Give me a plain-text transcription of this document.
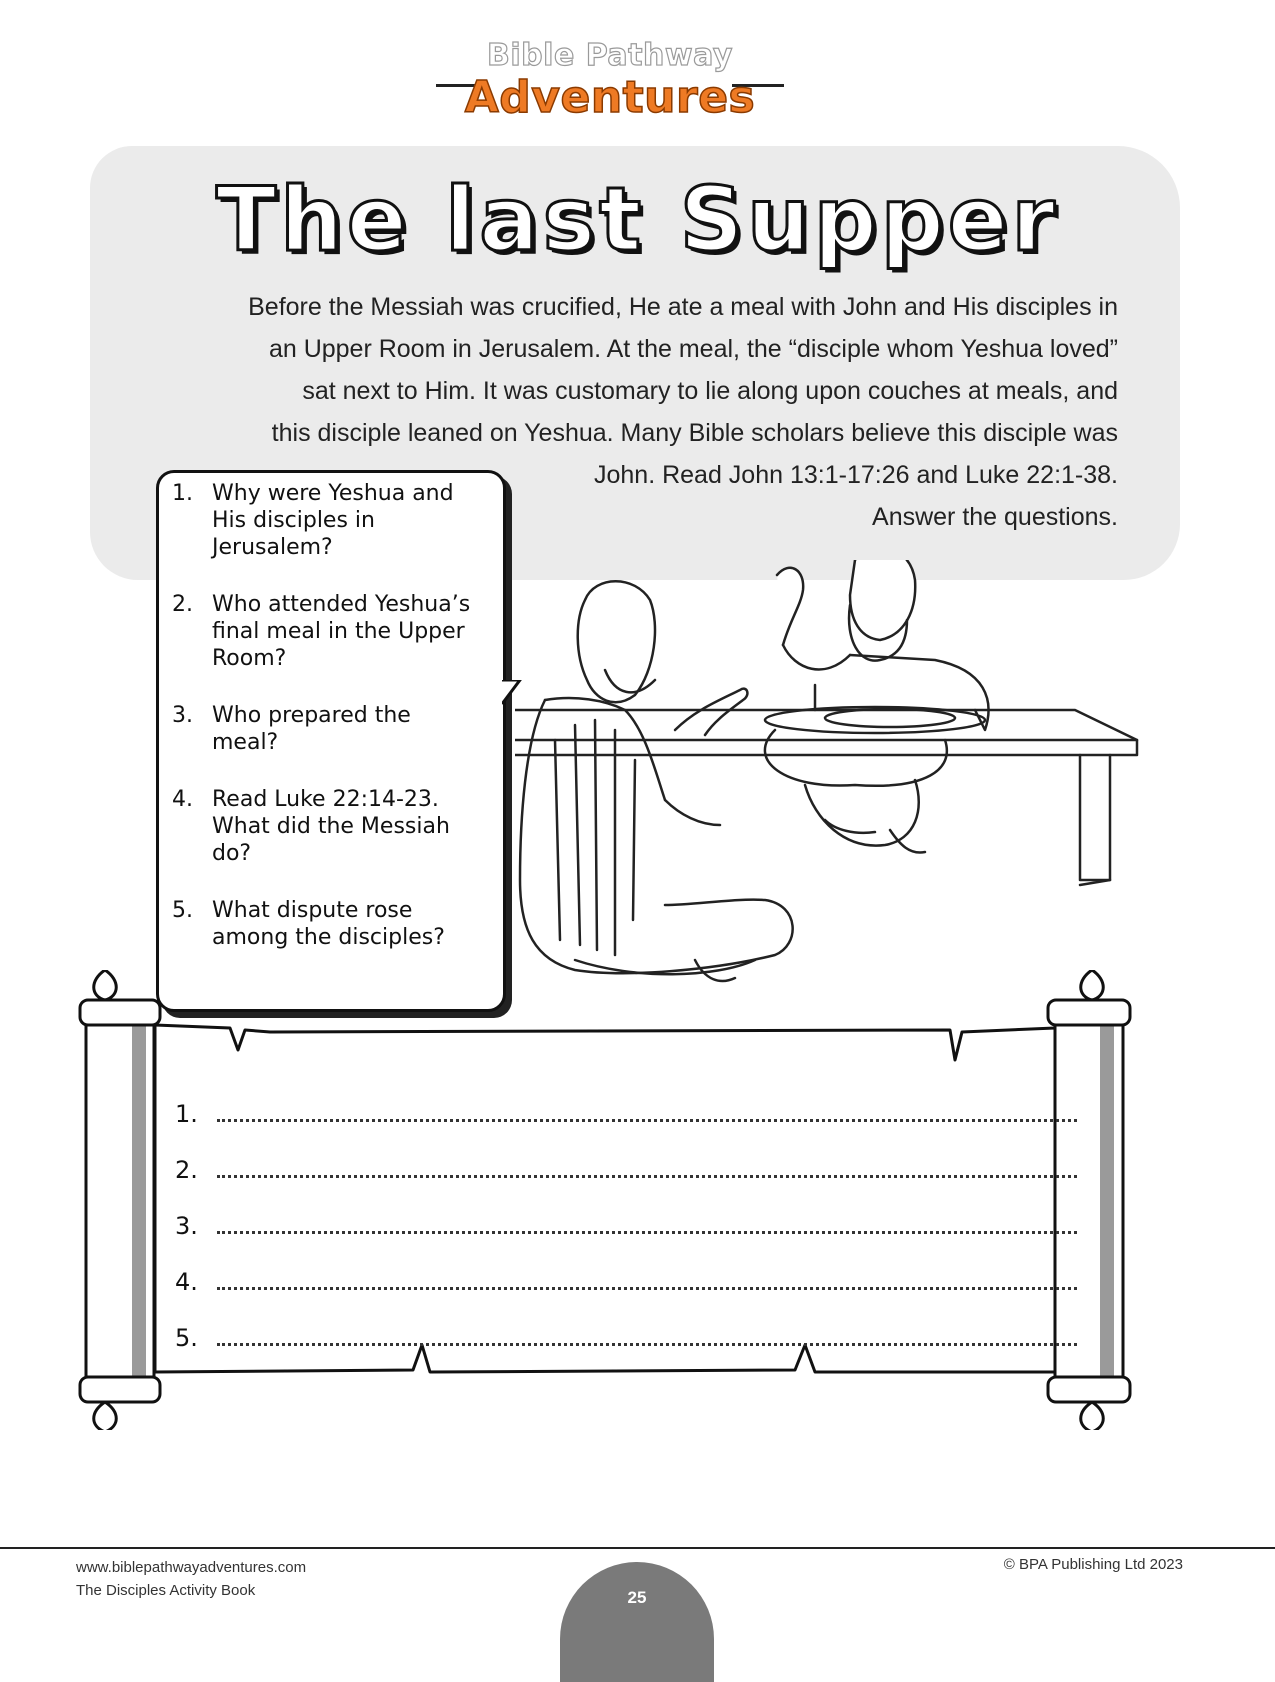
Bible Pathway
Adventures
The last Supper
Before the Messiah was crucified, He ate a meal with John and His disciples in
an Upper Room in Jerusalem. At the meal, the “disciple whom Yeshua loved”
sat next to Him. It was customary to lie along upon couches at meals, and
this disciple leaned on Yeshua. Many Bible scholars believe this disciple was
John. Read John 13:1-17:26 and Luke 22:1-38.
Answer the questions.
1. Why were Yeshua and His disciples in Jerusalem?
2. Who attended Yeshua’s final meal in the Upper Room?
3. Who prepared the meal?
4. Read Luke 22:14-23. What did the Messiah do?
5. What dispute rose among the disciples?
1.
2.
3.
4.
5.
www.biblepathwayadventures.com
The Disciples Activity Book
© BPA Publishing Ltd 2023
25
